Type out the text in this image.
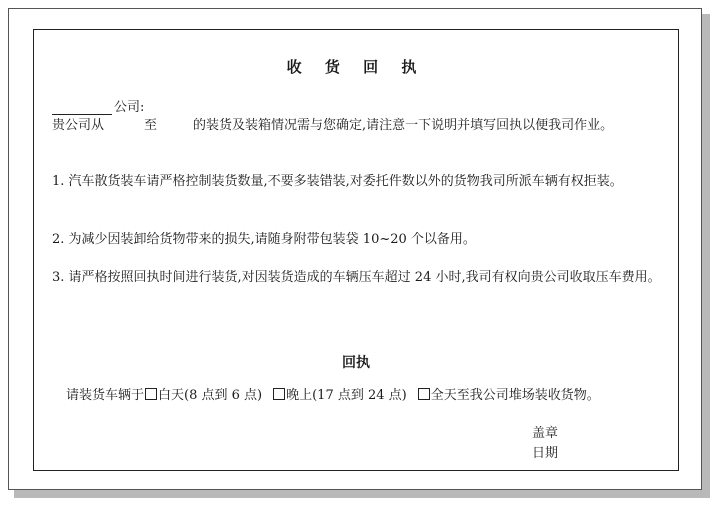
收 货 回 执
公司:
贵公司从	至	的装货及装箱情况需与您确定,请注意一下说明并填写回执以便我司作业。
1. 汽车散货装车请严格控制装货数量,不要多装错装,对委托件数以外的货物我司所派车辆有权拒装。
2. 为减少因装卸给货物带来的损失,请随身附带包装袋 10~20 个以备用。
3. 请严格按照回执时间进行装货,对因装货造成的车辆压车超过 24 小时,我司有权向贵公司收取压车费用。
回执
请装货车辆于 白天(8 点到 6 点) 晚上(17 点到 24 点) 全天至我公司堆场装收货物。
盖章
日期
